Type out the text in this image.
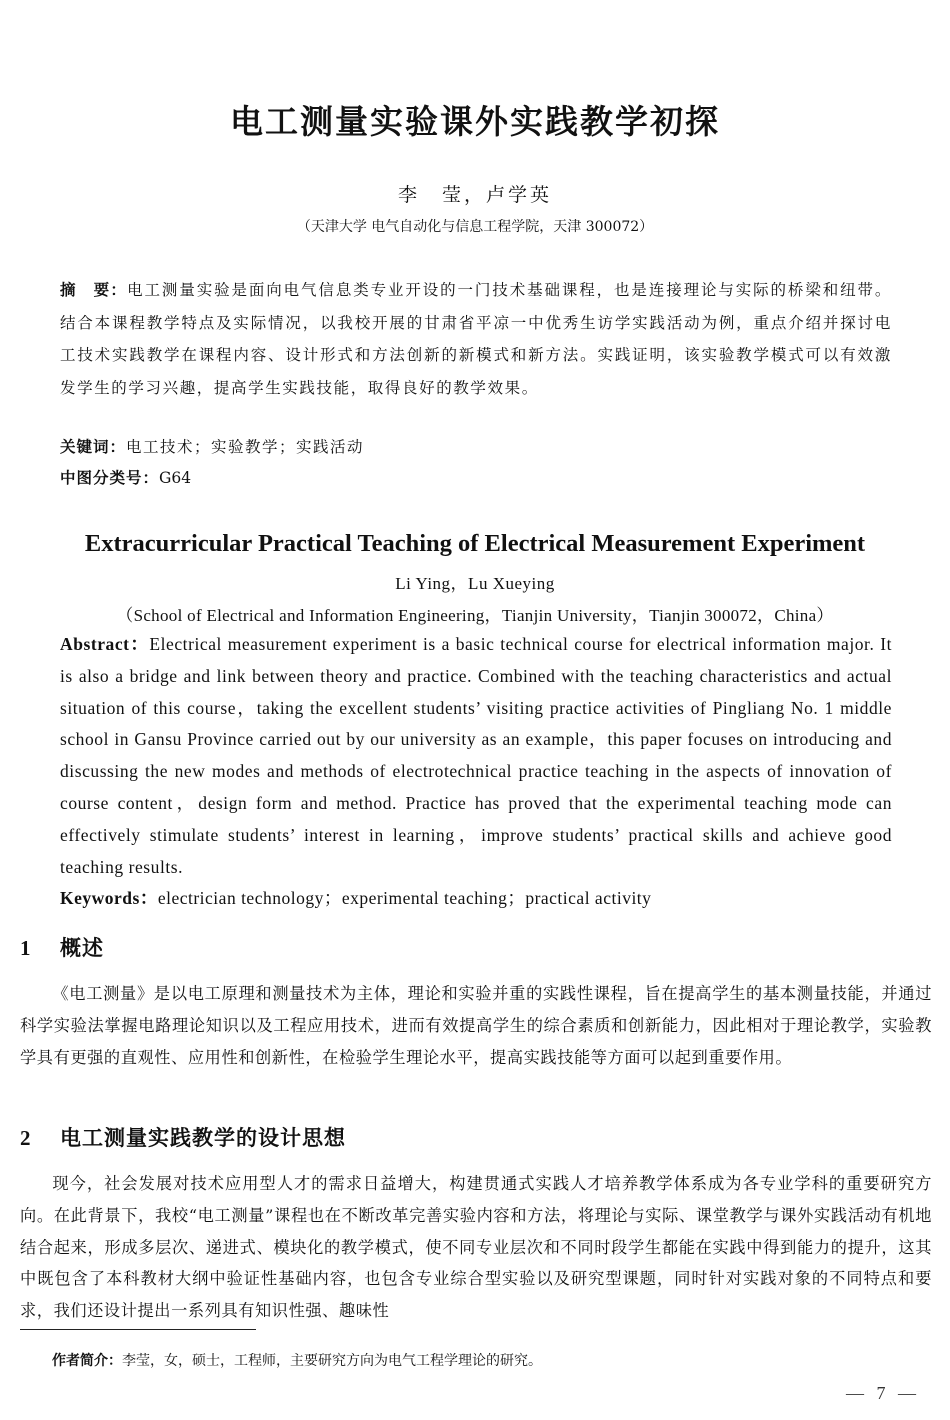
电工测量实验课外实践教学初探
李　莹，卢学英
（天津大学 电气自动化与信息工程学院，天津 300072）
摘　要：电工测量实验是面向电气信息类专业开设的一门技术基础课程，也是连接理论与实际的桥梁和纽带。结合本课程教学特点及实际情况，以我校开展的甘肃省平凉一中优秀生访学实践活动为例，重点介绍并探讨电工技术实践教学在课程内容、设计形式和方法创新的新模式和新方法。实践证明，该实验教学模式可以有效激发学生的学习兴趣，提高学生实践技能，取得良好的教学效果。
关键词：电工技术；实验教学；实践活动
中图分类号：G64
Extracurricular Practical Teaching of Electrical Measurement Experiment
Li Ying，Lu Xueying
（School of Electrical and Information Engineering，Tianjin University，Tianjin 300072，China）
Abstract：Electrical measurement experiment is a basic technical course for electrical information major. It is also a bridge and link between theory and practice. Combined with the teaching characteristics and actual situation of this course，taking the excellent students’ visiting practice activities of Pingliang No. 1 middle school in Gansu Province carried out by our university as an example，this paper focuses on introducing and discussing the new modes and methods of electrotechnical practice teaching in the aspects of innovation of course content，design form and method. Practice has proved that the experimental teaching mode can effectively stimulate students’ interest in learning，improve students’ practical skills and achieve good teaching results.
Keywords：electrician technology；experimental teaching；practical activity
1 概述
《电工测量》是以电工原理和测量技术为主体，理论和实验并重的实践性课程，旨在提高学生的基本测量技能，并通过科学实验法掌握电路理论知识以及工程应用技术，进而有效提高学生的综合素质和创新能力，因此相对于理论教学，实验教学具有更强的直观性、应用性和创新性，在检验学生理论水平，提高实践技能等方面可以起到重要作用。
2 电工测量实践教学的设计思想
现今，社会发展对技术应用型人才的需求日益增大，构建贯通式实践人才培养教学体系成为各专业学科的重要研究方向。在此背景下，我校“电工测量”课程也在不断改革完善实验内容和方法，将理论与实际、课堂教学与课外实践活动有机地结合起来，形成多层次、递进式、模块化的教学模式，使不同专业层次和不同时段学生都能在实践中得到能力的提升，这其中既包含了本科教材大纲中验证性基础内容，也包含专业综合型实验以及研究型课题，同时针对实践对象的不同特点和要求，我们还设计提出一系列具有知识性强、趣味性
作者简介：李莹，女，硕士，工程师，主要研究方向为电气工程学理论的研究。
— 7 —
